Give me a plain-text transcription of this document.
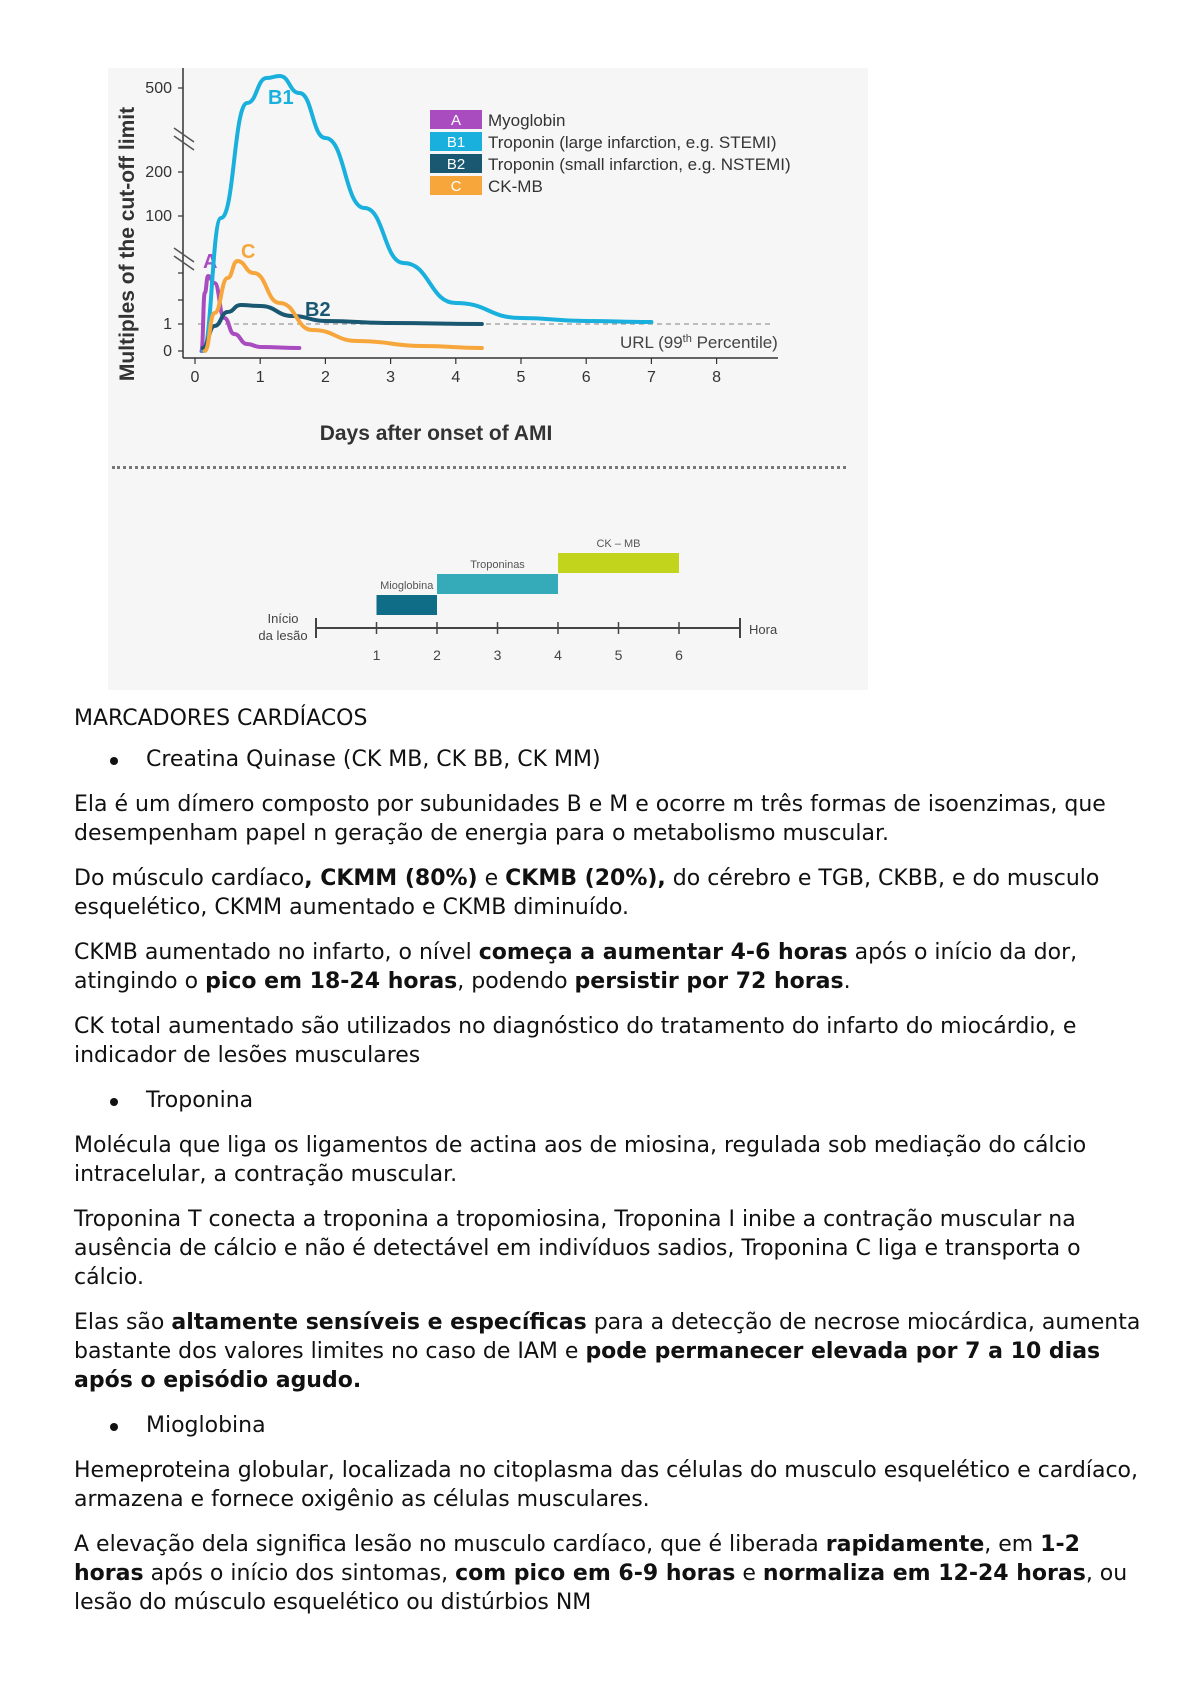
Multiples of the cut-off limit
Days after onset of AMI
0	1	2	3	4	5	6	7	8
0
1
100
200
500
A
B1
B2
C
A Myoglobin
B1 Troponin (large infarction, e.g. STEMI)
B2 Troponin (small infarction, e.g. NSTEMI)
C CK-MB
URL (99th Percentile)
Início
da lesão	Hora
1	2	3	4	5	6
Mioglobina
Troponinas
CK – MB

MARCADORES CARDÍACOS

Creatina Quinase (CK MB, CK BB, CK MM)

Ela é um dímero composto por subunidades B e M e ocorre m três formas de isoenzimas, que desempenham papel n geração de energia para o metabolismo muscular.

Do músculo cardíaco, CKMM (80%) e CKMB (20%), do cérebro e TGB, CKBB, e do musculo esquelético, CKMM aumentado e CKMB diminuído.

CKMB aumentado no infarto, o nível começa a aumentar 4-6 horas após o início da dor, atingindo o pico em 18-24 horas, podendo persistir por 72 horas.

CK total aumentado são utilizados no diagnóstico do tratamento do infarto do miocárdio, e indicador de lesões musculares

Troponina

Molécula que liga os ligamentos de actina aos de miosina, regulada sob mediação do cálcio intracelular, a contração muscular.

Troponina T conecta a troponina a tropomiosina, Troponina I inibe a contração muscular na ausência de cálcio e não é detectável em indivíduos sadios, Troponina C liga e transporta o cálcio.

Elas são altamente sensíveis e específicas para a detecção de necrose miocárdica, aumenta bastante dos valores limites no caso de IAM e pode permanecer elevada por 7 a 10 dias após o episódio agudo.

Mioglobina

Hemeproteina globular, localizada no citoplasma das células do musculo esquelético e cardíaco, armazena e fornece oxigênio as células musculares.

A elevação dela significa lesão no musculo cardíaco, que é liberada rapidamente, em 1-2 horas após o início dos sintomas, com pico em 6-9 horas e normaliza em 12-24 horas, ou lesão do músculo esquelético ou distúrbios NM
